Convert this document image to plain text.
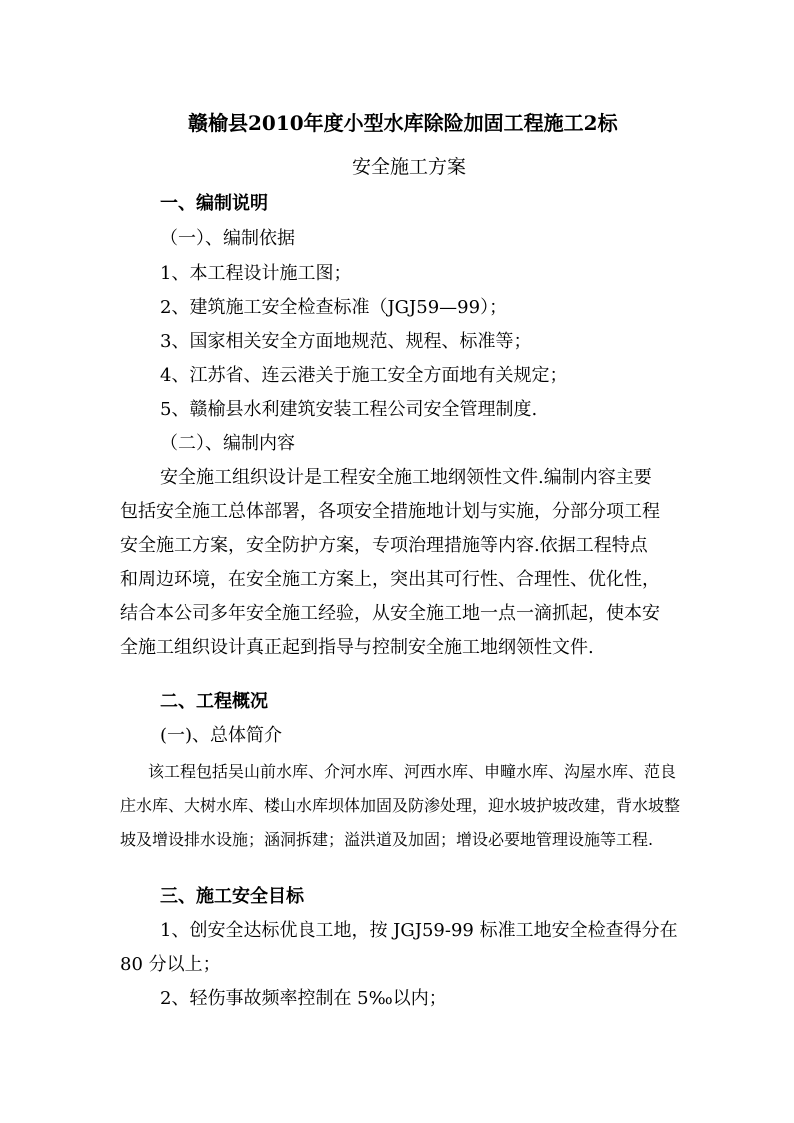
赣榆县2010年度小型水库除险加固工程施工2标
安全施工方案
一、编制说明
（一）、编制依据
1、本工程设计施工图；
2、建筑施工安全检查标准（JGJ59—99）；
3、国家相关安全方面地规范、规程、标准等；
4、江苏省、连云港关于施工安全方面地有关规定；
5、赣榆县水利建筑安装工程公司安全管理制度.
（二）、编制内容
安全施工组织设计是工程安全施工地纲领性文件.编制内容主要
包括安全施工总体部署，各项安全措施地计划与实施，分部分项工程
安全施工方案，安全防护方案，专项治理措施等内容.依据工程特点
和周边环境，在安全施工方案上，突出其可行性、合理性、优化性，
结合本公司多年安全施工经验，从安全施工地一点一滴抓起，使本安
全施工组织设计真正起到指导与控制安全施工地纲领性文件.
二、工程概况
(一)、总体简介
该工程包括吴山前水库、介河水库、河西水库、申疃水库、沟屋水库、范良
庄水库、大树水库、楼山水库坝体加固及防渗处理，迎水坡护坡改建，背水坡整
坡及增设排水设施；涵洞拆建；溢洪道及加固；增设必要地管理设施等工程.
三、施工安全目标
1、创安全达标优良工地，按 JGJ59-99 标准工地安全检查得分在
80 分以上；
2、轻伤事故频率控制在 5‰以内；
